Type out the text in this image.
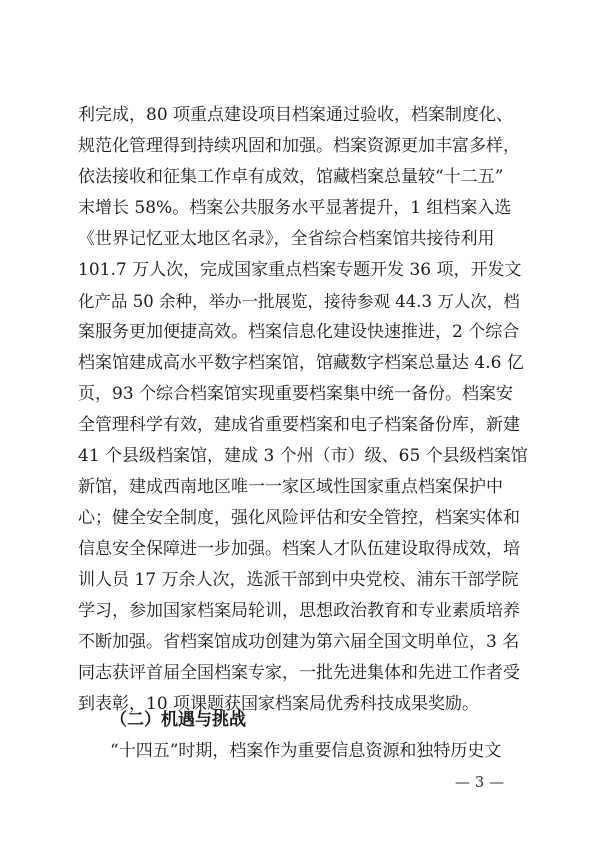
利完成，80 项重点建设项目档案通过验收，档案制度化、
规范化管理得到持续巩固和加强。档案资源更加丰富多样，
依法接收和征集工作卓有成效，馆藏档案总量较“十二五”
末增长 58%。档案公共服务水平显著提升，1 组档案入选
《世界记忆亚太地区名录》，全省综合档案馆共接待利用
101.7 万人次，完成国家重点档案专题开发 36 项，开发文
化产品 50 余种，举办一批展览，接待参观 44.3 万人次，档
案服务更加便捷高效。档案信息化建设快速推进，2 个综合
档案馆建成高水平数字档案馆，馆藏数字档案总量达 4.6 亿
页，93 个综合档案馆实现重要档案集中统一备份。档案安
全管理科学有效，建成省重要档案和电子档案备份库，新建
41 个县级档案馆，建成 3 个州（市）级、65 个县级档案馆
新馆，建成西南地区唯一一家区域性国家重点档案保护中
心；健全安全制度，强化风险评估和安全管控，档案实体和
信息安全保障进一步加强。档案人才队伍建设取得成效，培
训人员 17 万余人次，选派干部到中央党校、浦东干部学院
学习，参加国家档案局轮训，思想政治教育和专业素质培养
不断加强。省档案馆成功创建为第六届全国文明单位，3 名
同志获评首届全国档案专家，一批先进集体和先进工作者受
到表彰，10 项课题获国家档案局优秀科技成果奖励。
（二）机遇与挑战
“十四五”时期，档案作为重要信息资源和独特历史文
— 3 —
